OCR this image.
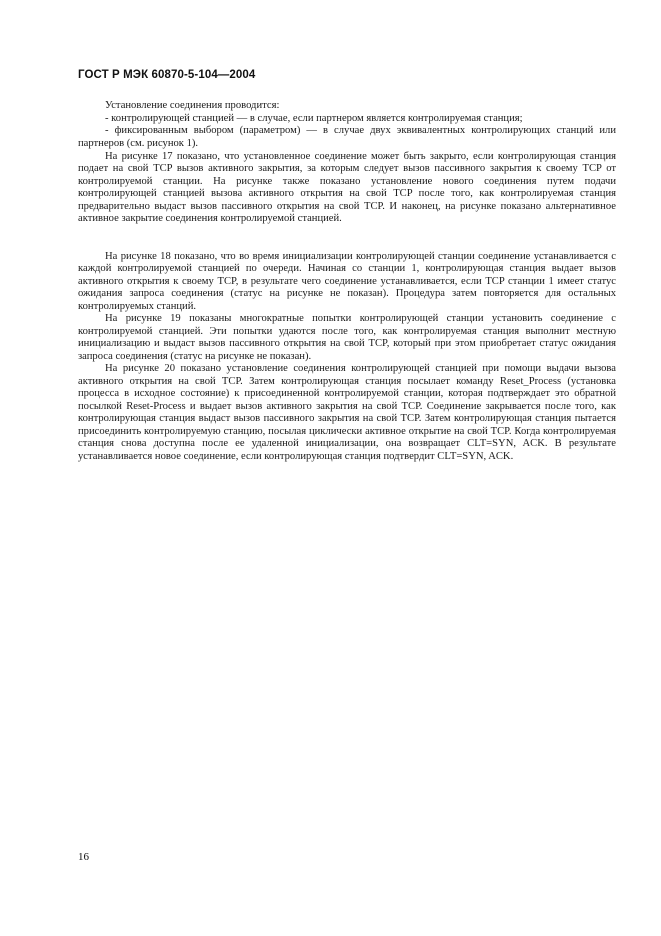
ГОСТ Р МЭК 60870-5-104—2004

Установление соединения проводится:

- контролирующей станцией — в случае, если партнером является контролируемая станция;

- фиксированным выбором (параметром) — в случае двух эквивалентных контролирующих станций или партнеров (см. рисунок 1).

На рисунке 17 показано, что установленное соединение может быть закрыто, если контролирующая станция подает на свой TCP вызов активного закрытия, за которым следует вызов пассивного закрытия к своему TCP от контролируемой станции. На рисунке также показано установление нового соединения путем подачи контролирующей станцией вызова активного открытия на свой TCP после того, как контролируемая станция предварительно выдаст вызов пассивного открытия на свой TCP. И наконец, на рисунке показано альтернативное активное закрытие соединения контролируемой станцией.

На рисунке 18 показано, что во время инициализации контролирующей станции соединение устанавливается с каждой контролируемой станцией по очереди. Начиная со станции 1, контролирующая станция выдает вызов активного открытия к своему TCP, в результате чего соединение устанавливается, если TCP станции 1 имеет статус ожидания запроса соединения (статус на рисунке не показан). Процедура затем повторяется для остальных контролируемых станций.

На рисунке 19 показаны многократные попытки контролирующей станции установить соединение с контролируемой станцией. Эти попытки удаются после того, как контролируемая станция выполнит местную инициализацию и выдаст вызов пассивного открытия на свой TCP, который при этом приобретает статус ожидания запроса соединения (статус на рисунке не показан).

На рисунке 20 показано установление соединения контролирующей станцией при помощи выдачи вызова активного открытия на свой TCP. Затем контролирующая станция посылает команду Reset_Process (установка процесса в исходное состояние) к присоединенной контролируемой станции, которая подтверждает это обратной посылкой Reset-Process и выдает вызов активного закрытия на свой TCP. Соединение закрывается после того, как контролирующая станция выдаст вызов пассивного закрытия на свой TCP. Затем контролирующая станция пытается присоединить контролируемую станцию, посылая циклически активное открытие на свой TCP. Когда контролируемая станция снова доступна после ее удаленной инициализации, она возвращает CLT=SYN, ACK. В результате устанавливается новое соединение, если контролирующая станция подтвердит CLT=SYN, ACK.

16
